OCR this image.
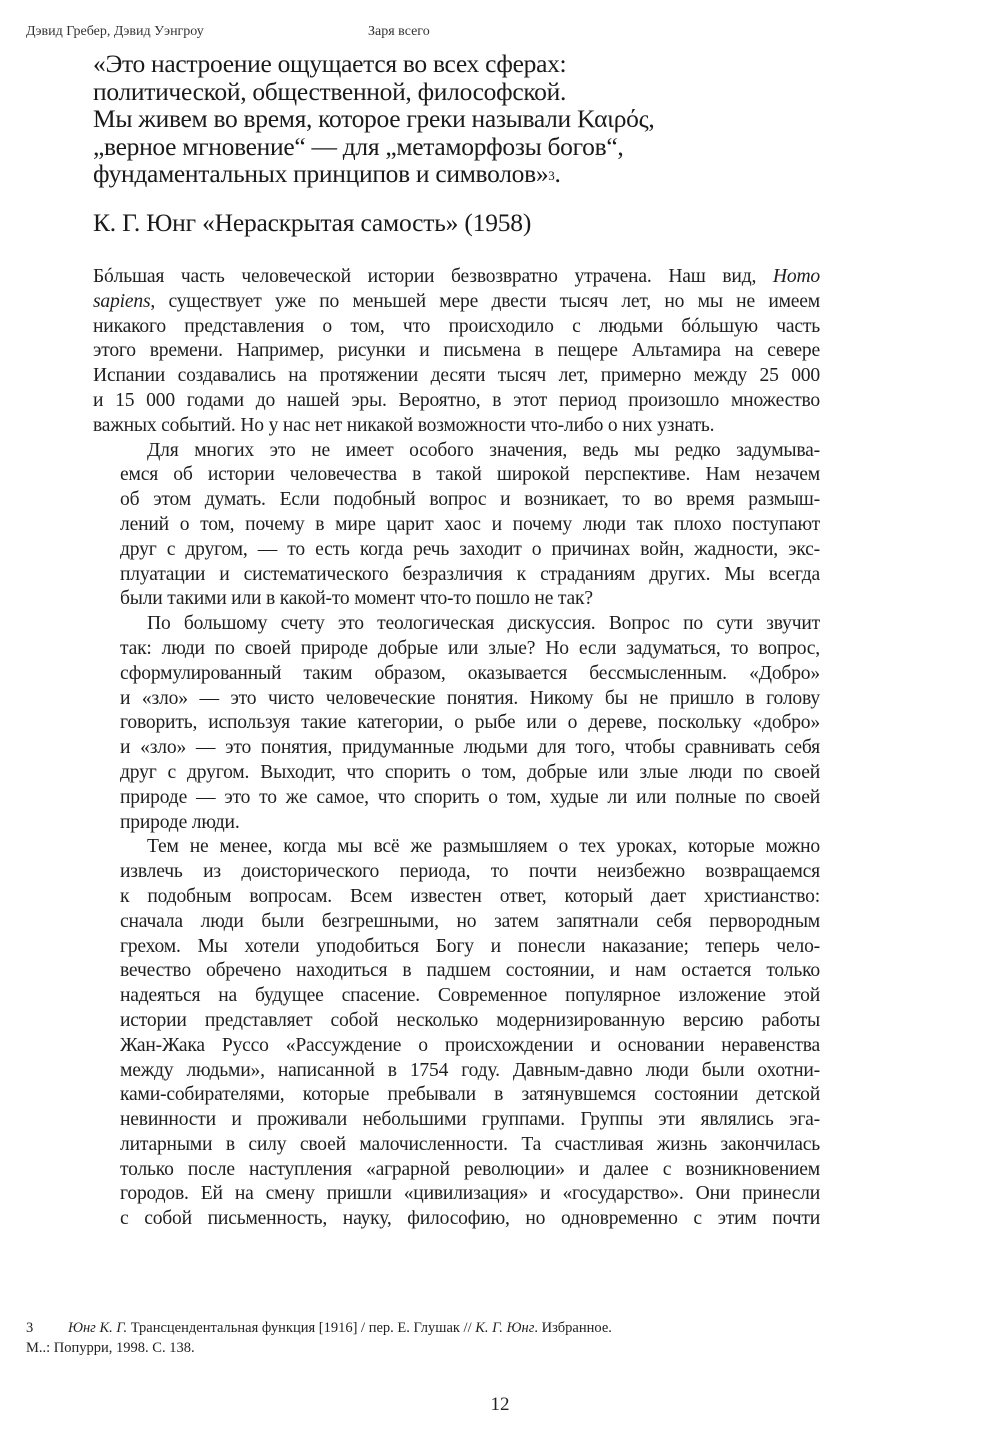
Дэвид Гребер, Дэвид Уэнгроу	Заря всего

«Это настроение ощущается во всех сферах:

политической, общественной, философской.

Мы живем во время, которое греки называли Καιρός,

„верное мгновение“ — для „метаморфозы богов“,

фундаментальных принципов и символов»$^3$.

К. Г. Юнг «Нераскрытая самость» (1958)

Бóльшая часть человеческой истории безвозвратно утрачена. Наш вид, Homo
sapiens, существует уже по меньшей мере двести тысяч лет, но мы не имеем
никакого представления о том, что происходило с людьми бóльшую часть
этого времени. Например, рисунки и письмена в пещере Альтамира на севере
Испании создавались на протяжении десяти тысяч лет, примерно между 25 000
и 15 000 годами до нашей эры. Вероятно, в этот период произошло множество
важных событий. Но у нас нет никакой возможности что-либо о них узнать.

Для многих это не имеет особого значения, ведь мы редко задумыва-
емся об истории человечества в такой широкой перспективе. Нам незачем
об этом думать. Если подобный вопрос и возникает, то во время размыш-
лений о том, почему в мире царит хаос и почему люди так плохо поступают
друг с другом, — то есть когда речь заходит о причинах войн, жадности, экс-
плуатации и систематического безразличия к страданиям других. Мы всегда
были такими или в какой-то момент что-то пошло не так?

По большому счету это теологическая дискуссия. Вопрос по сути звучит
так: люди по своей природе добрые или злые? Но если задуматься, то вопрос,
сформулированный таким образом, оказывается бессмысленным. «Добро»
и «зло» — это чисто человеческие понятия. Никому бы не пришло в голову
говорить, используя такие категории, о рыбе или о дереве, поскольку «добро»
и «зло» — это понятия, придуманные людьми для того, чтобы сравнивать себя
друг с другом. Выходит, что спорить о том, добрые или злые люди по своей
природе — это то же самое, что спорить о том, худые ли или полные по своей
природе люди.

Тем не менее, когда мы всё же размышляем о тех уроках, которые можно
извлечь из доисторического периода, то почти неизбежно возвращаемся
к подобным вопросам. Всем известен ответ, который дает христианство:
сначала люди были безгрешными, но затем запятнали себя первородным
грехом. Мы хотели уподобиться Богу и понесли наказание; теперь чело-
вечество обречено находиться в падшем состоянии, и нам остается только
надеяться на будущее спасение. Современное популярное изложение этой
истории представляет собой несколько модернизированную версию работы
Жан-Жака Руссо «Рассуждение о происхождении и основании неравенства
между людьми», написанной в 1754 году. Давным-давно люди были охотни-
ками-собирателями, которые пребывали в затянувшемся состоянии детской
невинности и проживали небольшими группами. Группы эти являлись эга-
литарными в силу своей малочисленности. Та счастливая жизнь закончилась
только после наступления «аграрной революции» и далее с возникновением
городов. Ей на смену пришли «цивилизация» и «государство». Они принесли
с собой письменность, науку, философию, но одновременно с этим почти

3 Юнг К. Г. Трансцендентальная функция [1916] / пер. Е. Глушак // К. Г. Юнг. Избранное.
М..: Попурри, 1998. С. 138.
12
